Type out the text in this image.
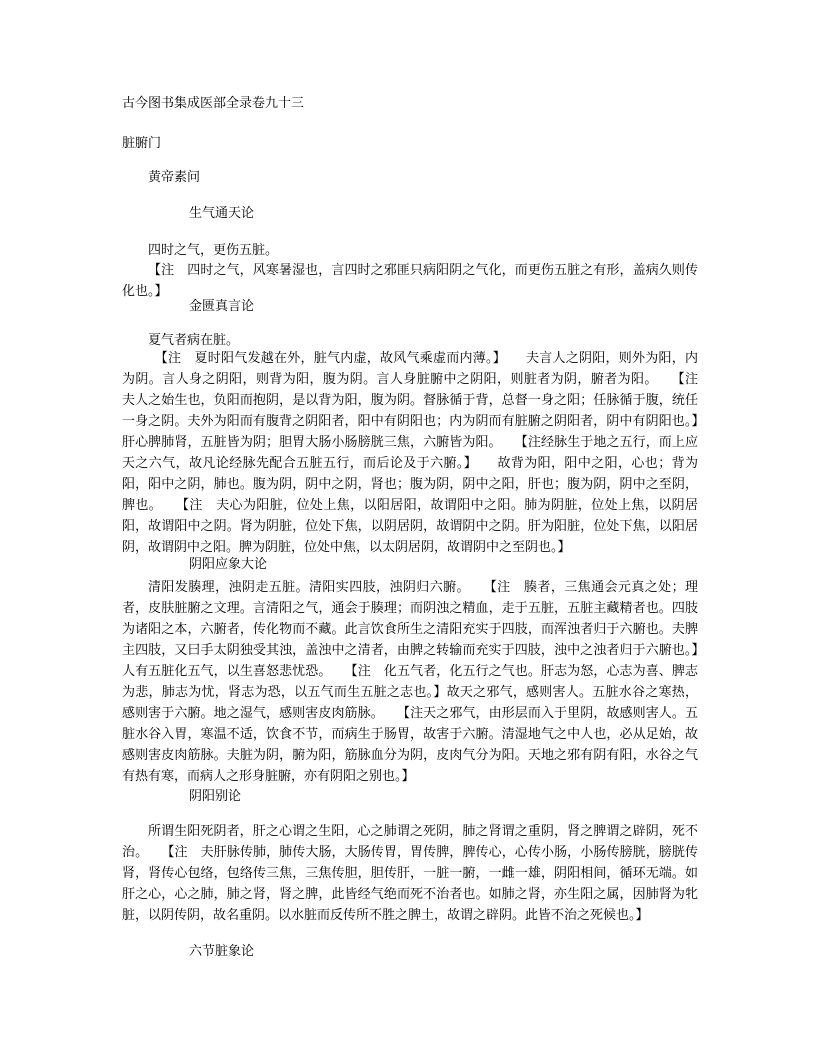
古今图书集成医部全录卷九十三
脏腑门
黄帝素问
生气通天论
四时之气，更伤五脏。
【注　四时之气，风寒暑湿也，言四时之邪匪只病阳阴之气化，而更伤五脏之有形，盖病久则传化也。】
金匮真言论
夏气者病在脏。
　【注　夏时阳气发越在外，脏气内虚，故风气乘虚而内薄。】　　夫言人之阴阳，则外为阳，内为阴。言人身之阴阳，则背为阳，腹为阴。言人身脏腑中之阴阳，则脏者为阴，腑者为阳。　　【注　夫人之始生也，负阳而抱阴，是以背为阳，腹为阴。督脉循于背，总督一身之阳；任脉循于腹，统任一身之阴。夫外为阳而有腹背之阴阳者，阳中有阴阳也；内为阴而有脏腑之阴阳者，阴中有阴阳也。】　　肝心脾肺肾，五脏皆为阴；胆胃大肠小肠膀胱三焦，六腑皆为阳。　　【注经脉生于地之五行，而上应天之六气，故凡论经脉先配合五脏五行，而后论及于六腑。】　　故背为阳，阳中之阳，心也；背为阳，阳中之阴，肺也。腹为阴，阴中之阴，肾也；腹为阴，阴中之阳，肝也；腹为阴，阴中之至阴，脾也。　　【注　夫心为阳脏，位处上焦，以阳居阳，故谓阳中之阳。肺为阴脏，位处上焦，以阴居阳，故谓阳中之阴。肾为阴脏，位处下焦，以阴居阴，故谓阴中之阴。肝为阳脏，位处下焦，以阳居阴，故谓阴中之阳。脾为阴脏，位处中焦，以太阴居阴，故谓阴中之至阴也。】
阴阳应象大论
清阳发腠理，浊阴走五脏。清阳实四肢，浊阴归六腑。　　【注　腠者，三焦通会元真之处；理者，皮肤脏腑之文理。言清阳之气，通会于腠理；而阴浊之精血，走于五脏，五脏主藏精者也。四肢为诸阳之本，六腑者，传化物而不藏。此言饮食所生之清阳充实于四肢，而浑浊者归于六腑也。夫脾主四肢，又曰手太阴独受其浊，盖浊中之清者，由脾之转输而充实于四肢，浊中之浊者归于六腑也。】　　人有五脏化五气，以生喜怒悲忧恐。　　【注　化五气者，化五行之气也。肝志为怒，心志为喜、脾志为悲，肺志为忧，肾志为恐，以五气而生五脏之志也。】故天之邪气，感则害人。五脏水谷之寒热，感则害于六腑。地之湿气，感则害皮肉筋脉。　　【注天之邪气，由形层而入于里阴，故感则害人。五脏水谷入胃，寒温不适，饮食不节，而病生于肠胃，故害于六腑。清湿地气之中人也，必从足始，故感则害皮肉筋脉。夫脏为阴，腑为阳，筋脉血分为阴，皮肉气分为阳。天地之邪有阴有阳，水谷之气有热有寒，而病人之形身脏腑，亦有阴阳之别也。】
阴阳别论
所谓生阳死阴者，肝之心谓之生阳，心之肺谓之死阴，肺之肾谓之重阴，肾之脾谓之辟阴，死不治。　　【注　夫肝脉传肺，肺传大肠，大肠传胃，胃传脾，脾传心，心传小肠，小肠传膀胱，膀胱传肾，肾传心包络，包络传三焦，三焦传胆，胆传肝，一脏一腑，一雌一雄，阴阳相间，循环无端。如肝之心，心之肺，肺之肾，肾之脾，此皆经气绝而死不治者也。如肺之肾，亦生阳之属，因肺肾为牝脏，以阴传阴，故名重阴。以水脏而反传所不胜之脾土，故谓之辟阴。此皆不治之死候也。】
六节脏象论
